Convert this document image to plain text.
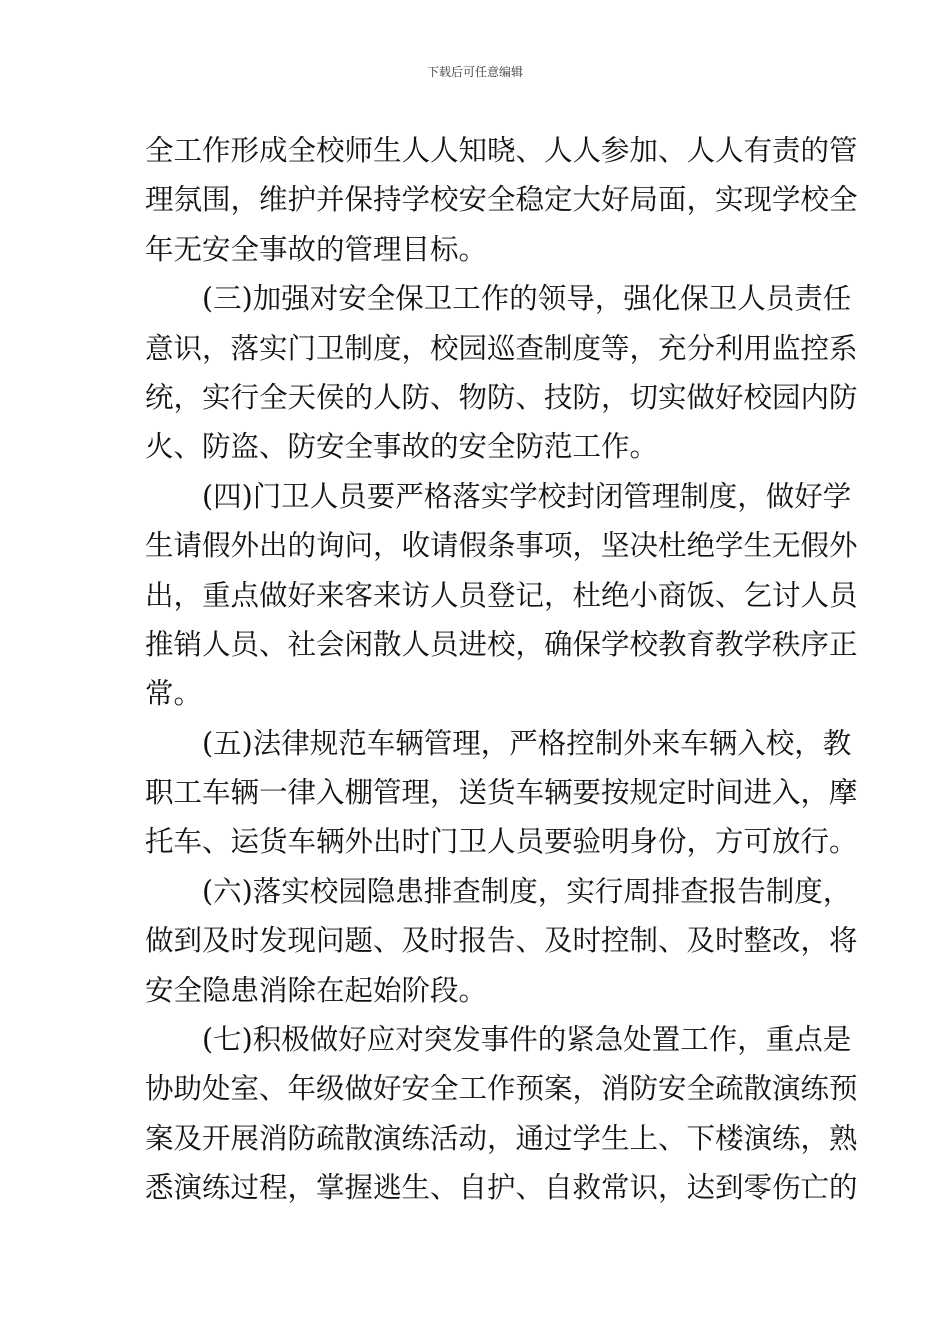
下载后可任意编辑
全工作形成全校师生人人知晓、人人参加、人人有责的管
理氛围，维护并保持学校安全稳定大好局面，实现学校全
年无安全事故的管理目标。
(三)加强对安全保卫工作的领导，强化保卫人员责任
意识，落实门卫制度，校园巡查制度等，充分利用监控系
统，实行全天侯的人防、物防、技防，切实做好校园内防
火、防盗、防安全事故的安全防范工作。
(四)门卫人员要严格落实学校封闭管理制度，做好学
生请假外出的询问，收请假条事项，坚决杜绝学生无假外
出，重点做好来客来访人员登记，杜绝小商饭、乞讨人员
推销人员、社会闲散人员进校，确保学校教育教学秩序正
常。
(五)法律规范车辆管理，严格控制外来车辆入校，教
职工车辆一律入棚管理，送货车辆要按规定时间进入，摩
托车、运货车辆外出时门卫人员要验明身份，方可放行。
(六)落实校园隐患排查制度，实行周排查报告制度，
做到及时发现问题、及时报告、及时控制、及时整改，将
安全隐患消除在起始阶段。
(七)积极做好应对突发事件的紧急处置工作，重点是
协助处室、年级做好安全工作预案，消防安全疏散演练预
案及开展消防疏散演练活动，通过学生上、下楼演练，熟
悉演练过程，掌握逃生、自护、自救常识，达到零伤亡的
